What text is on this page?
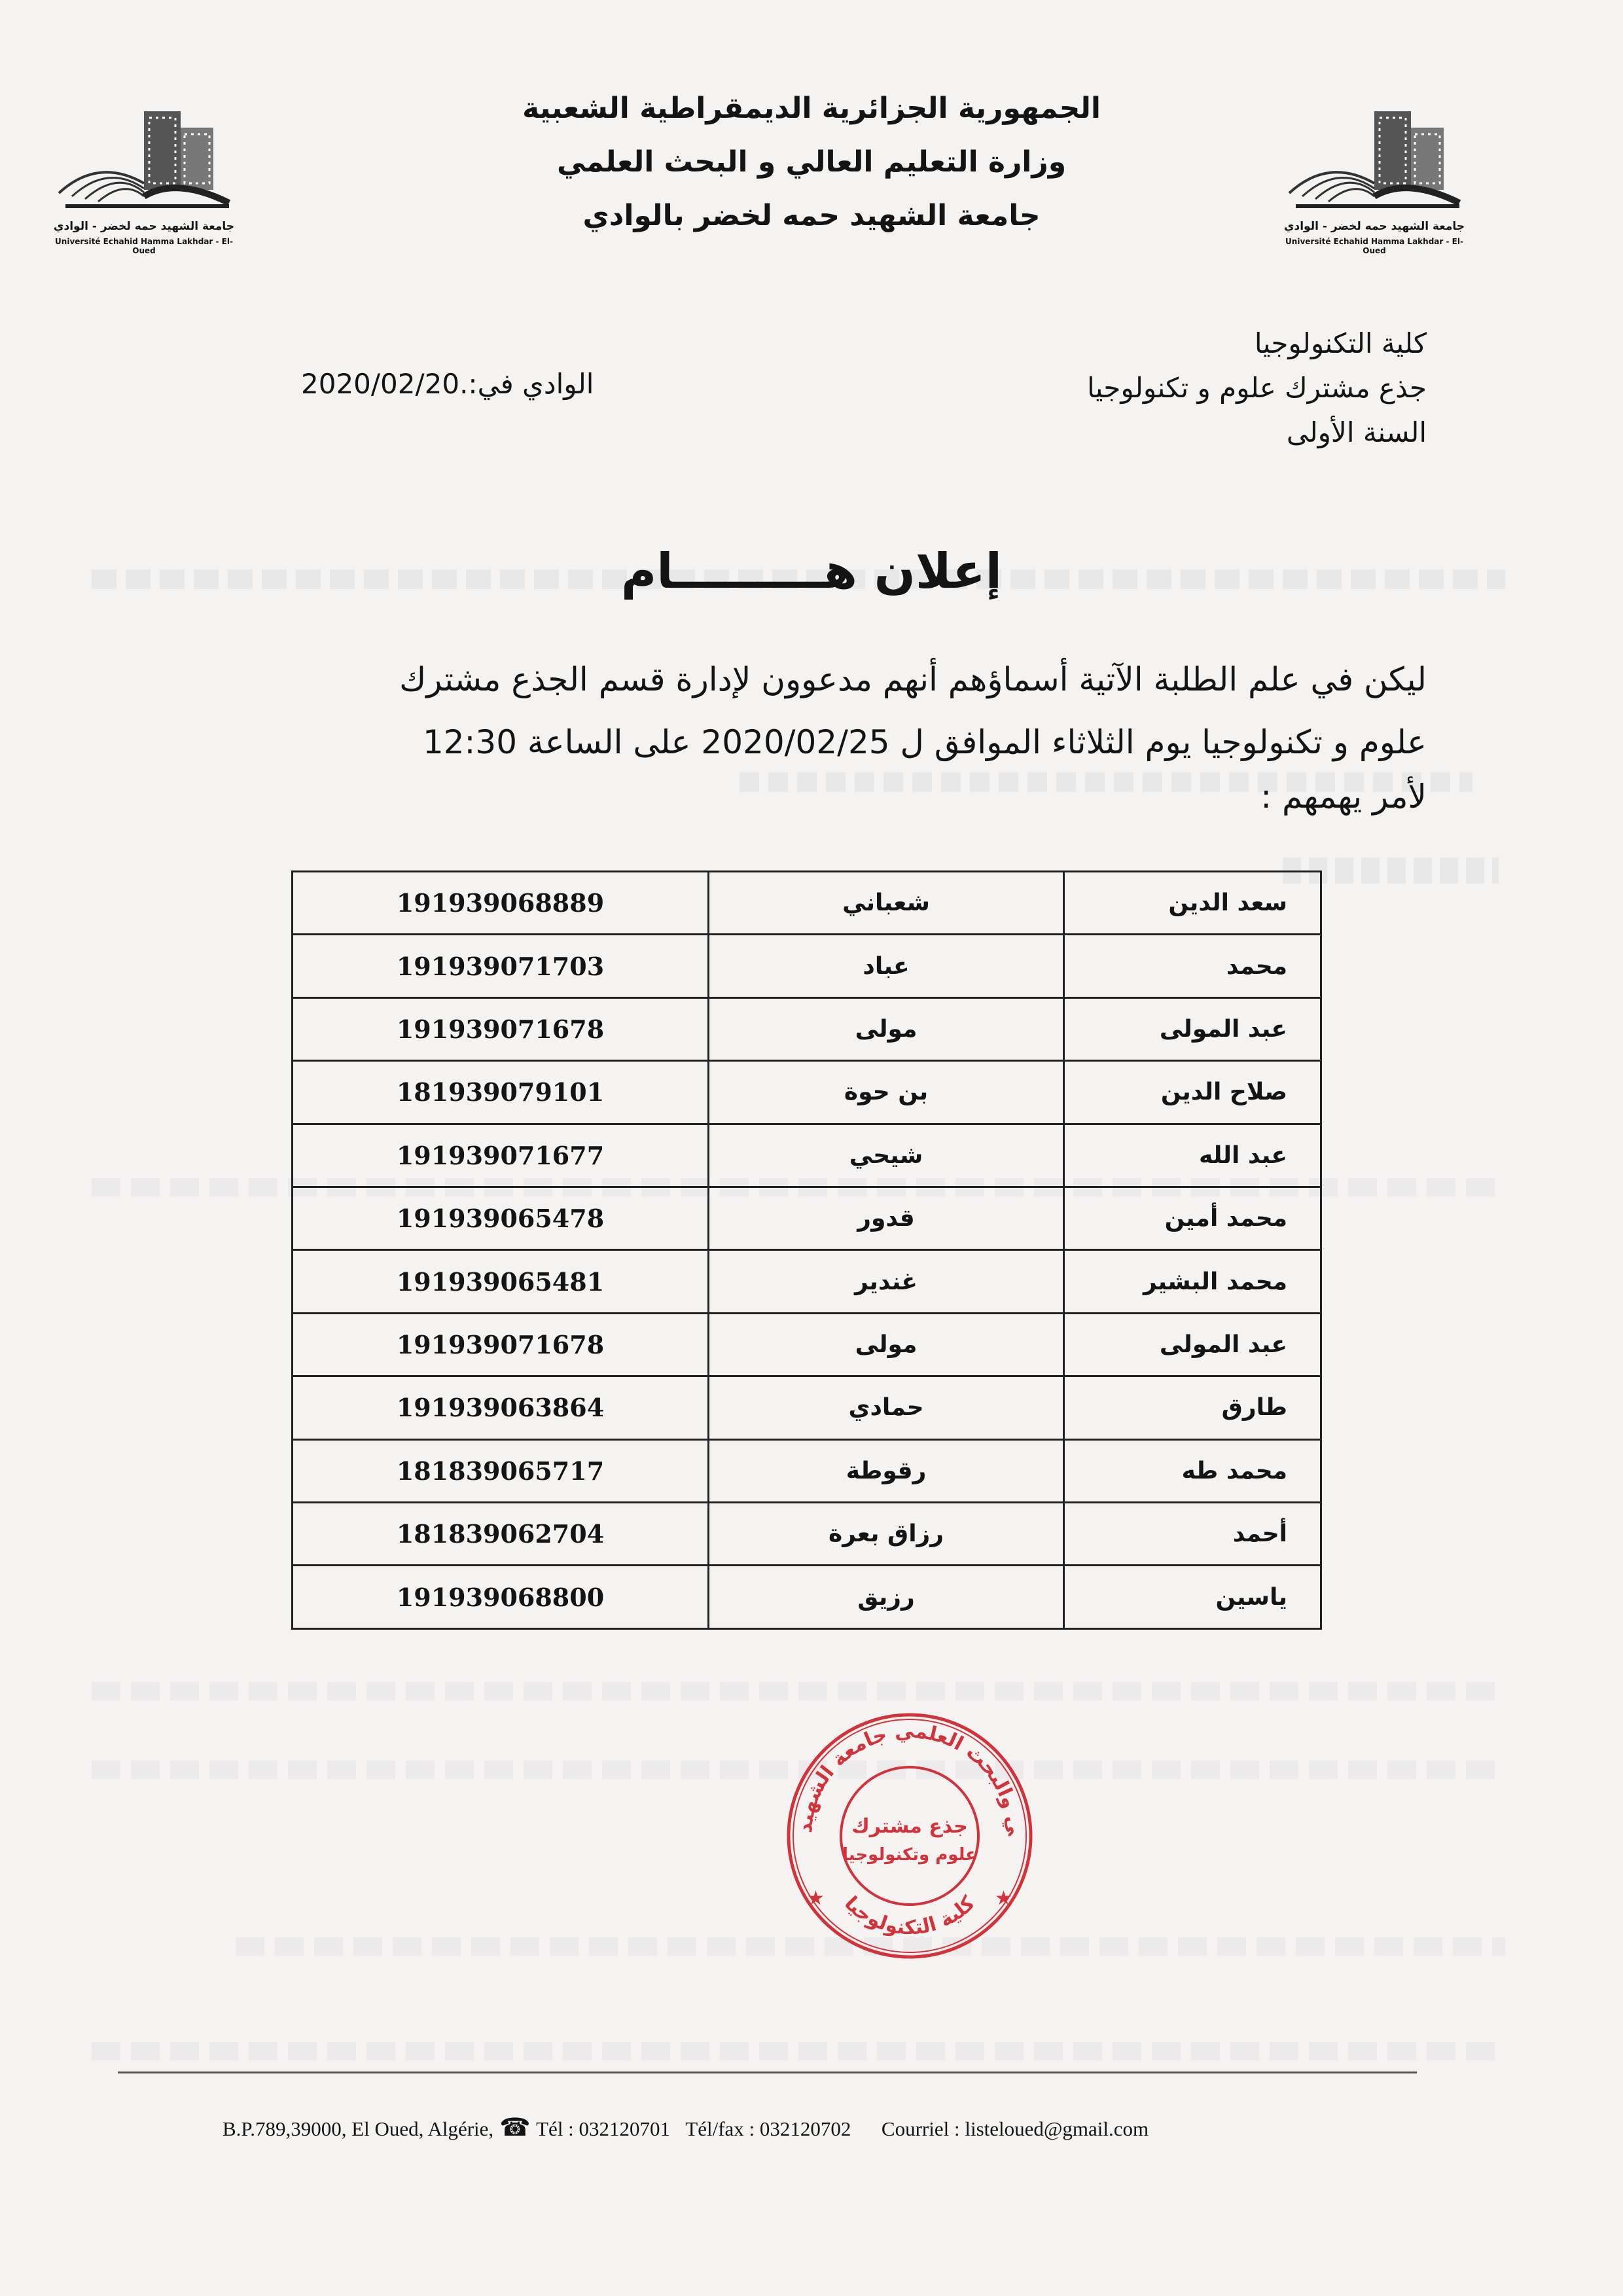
جامعة الشهيد حمه لخضر - الوادي
Université Echahid Hamma Lakhdar - El-Oued
جامعة الشهيد حمه لخضر - الوادي
Université Echahid Hamma Lakhdar - El-Oued
الجمهورية الجزائرية الديمقراطية الشعبية
وزارة التعليم العالي و البحث العلمي
جامعة الشهيد حمه لخضر بالوادي
كلية التكنولوجيا
جذع مشترك علوم و تكنولوجيا
السنة الأولى
الوادي في:.2020/02/20
إعلان هـــــــــام
ليكن في علم الطلبة الآتية أسماؤهم أنهم مدعوون لإدارة قسم الجذع مشترك
علوم و تكنولوجيا يوم الثلاثاء الموافق ل 2020/02/25 على الساعة 12:30
لأمر يهمهم :
سعد الدين	شعباني	191939068889
محمد	عباد	191939071703
عبد المولى	مولى	191939071678
صلاح الدين	بن حوة	181939079101
عبد الله	شيحي	191939071677
محمد أمين	قدور	191939065478
محمد البشير	غندير	191939065481
عبد المولى	مولى	191939071678
طارق	حمادي	191939063864
محمد طه	رقوطة	181839065717
أحمد	رزاق بعرة	181839062704
ياسين	رزيق	191939068800
ي والبحث العلمي جامعة الشهيد
كلية التكنولوجيا
جذع مشترك
علوم وتكنولوجيا
★	★
B.P.789,39000, El Oued, Algérie, ☎ Tél : 032120701 Tél/fax : 032120702 Courriel : listeloued@gmail.com
